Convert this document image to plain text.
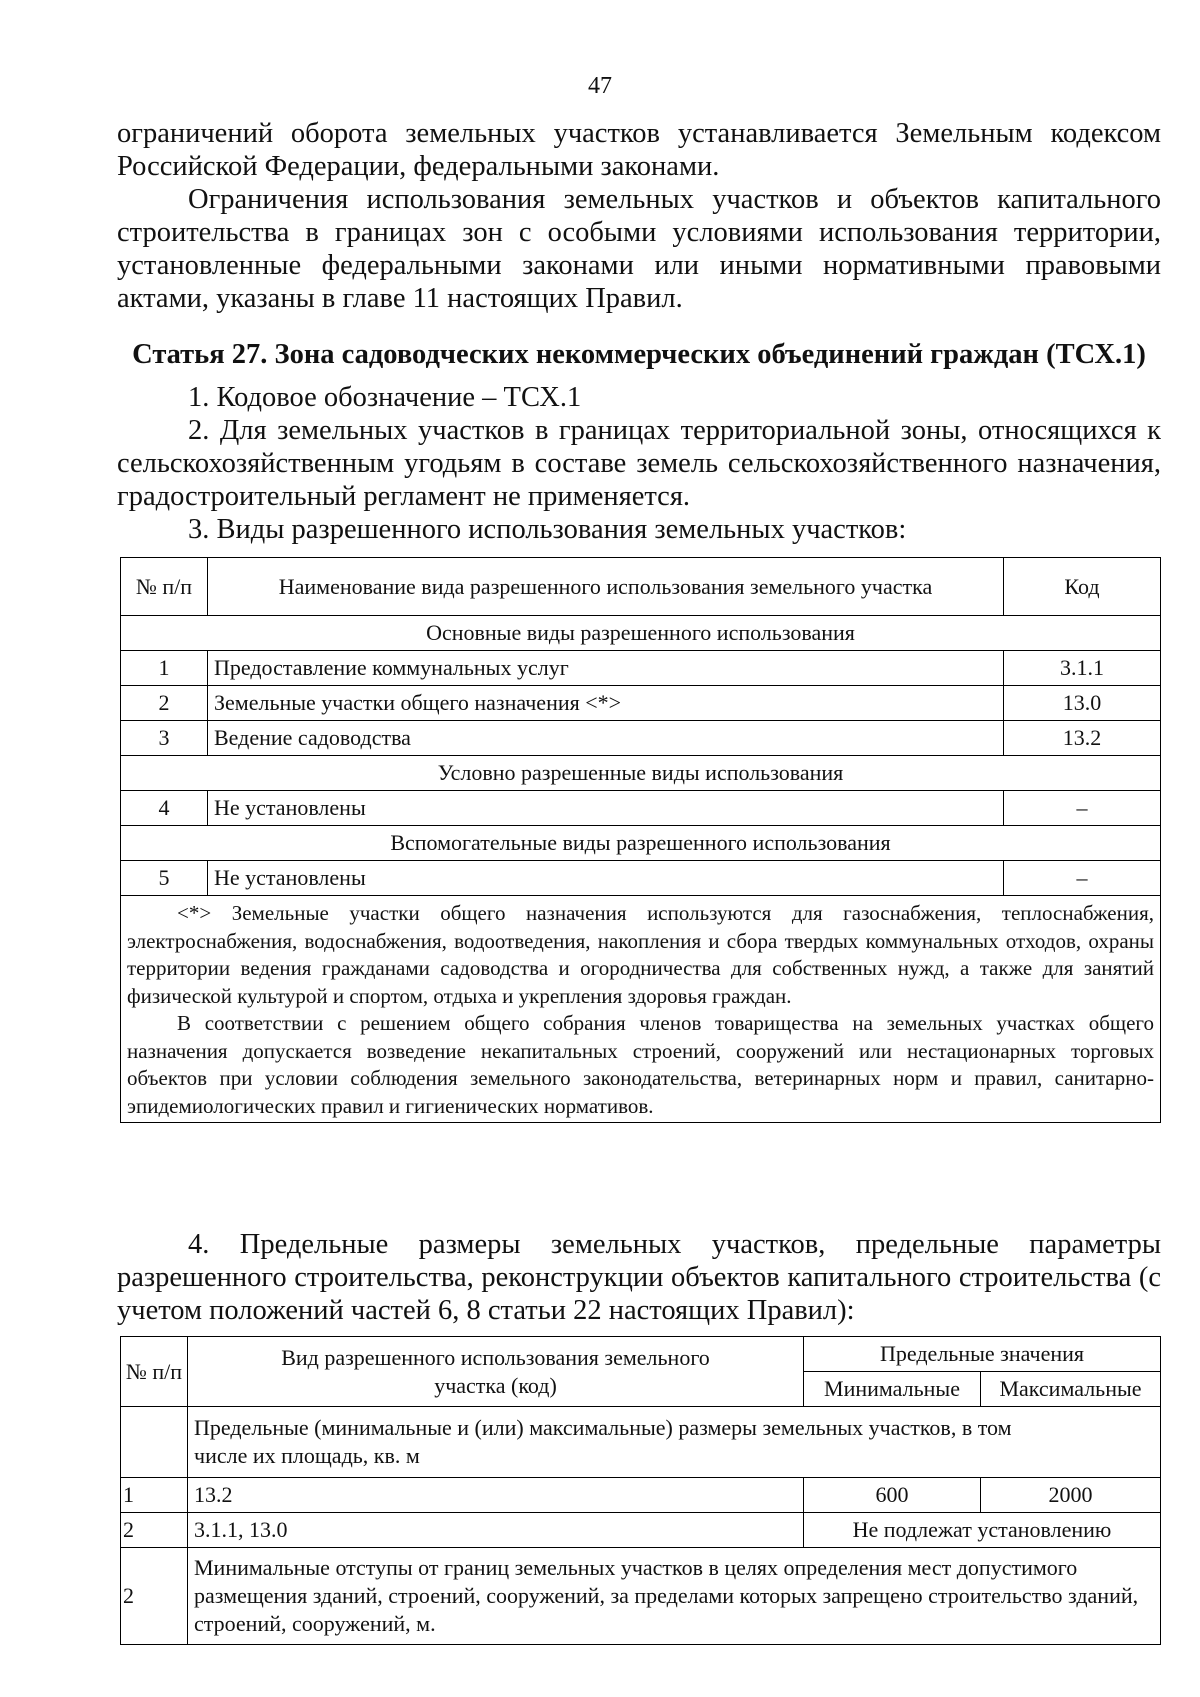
47

ограничений оборота земельных участков устанавливается Земельным кодексом Российской Федерации, федеральными законами.

Ограничения использования земельных участков и объектов капитального строительства в границах зон с особыми условиями использования территории, установленные федеральными законами или иными нормативными правовыми актами, указаны в главе 11 настоящих Правил.

Статья 27. Зона садоводческих некоммерческих объединений граждан (ТСХ.1)

1. Кодовое обозначение – ТСХ.1

2. Для земельных участков в границах территориальной зоны, относящихся к сельскохозяйственным угодьям в составе земель сельскохозяйственного назначения, градостроительный регламент не применяется.

3. Виды разрешенного использования земельных участков:

№ п/п	Наименование вида разрешенного использования земельного участка	Код
Основные виды разрешенного использования		
1	Предоставление коммунальных услуг	3.1.1
2	Земельные участки общего назначения <*>	13.0
3	Ведение садоводства	13.2
Условно разрешенные виды использования		
4	Не установлены	–
Вспомогательные виды разрешенного использования		
5	Не установлены	–

<*> Земельные участки общего назначения используются для газоснабжения, теплоснабжения, электроснабжения, водоснабжения, водоотведения, накопления и сбора твердых коммунальных отходов, охраны территории ведения гражданами садоводства и огородничества для собственных нужд, а также для занятий физической культурой и спортом, отдыха и укрепления здоровья граждан.

В соответствии с решением общего собрания членов товарищества на земельных участках общего назначения допускается возведение некапитальных строений, сооружений или нестационарных торговых объектов при условии соблюдения земельного законодательства, ветеринарных норм и правил, санитарно-эпидемиологических правил и гигиенических нормативов.		

4. Предельные размеры земельных участков, предельные параметры разрешенного строительства, реконструкции объектов капитального строительства (с учетом положений частей 6, 8 статьи 22 настоящих Правил):

№ п/п	Вид разрешенного использования земельного участка (код)	Предельные значения	
		Минимальные	Максимальные
	Предельные (минимальные и (или) максимальные) размеры земельных участков, в том числе их площадь, кв. м		
1	13.2	600	2000
2	3.1.1, 13.0	Не подлежат установлению	
2	Минимальные отступы от границ земельных участков в целях определения мест допустимого размещения зданий, строений, сооружений, за пределами которых запрещено строительство зданий, строений, сооружений, м.		
